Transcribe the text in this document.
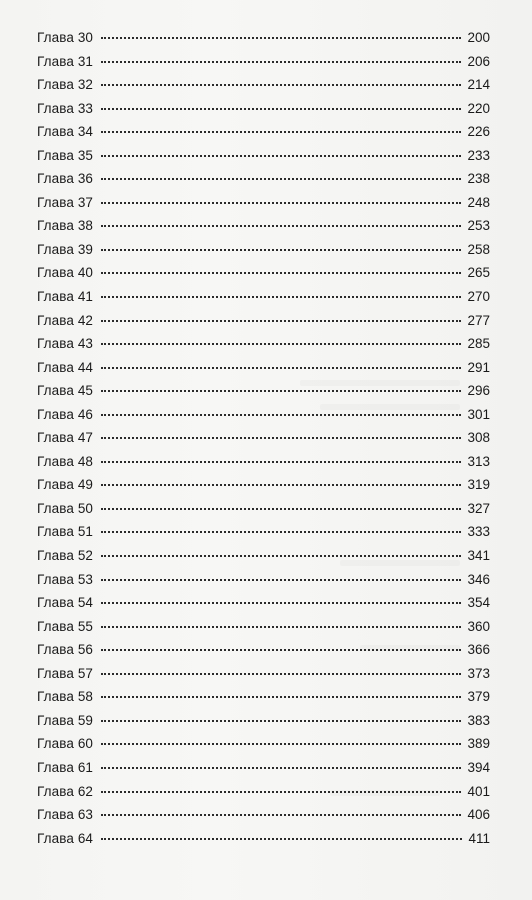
Глава 30	200
Глава 31	206
Глава 32	214
Глава 33	220
Глава 34	226
Глава 35	233
Глава 36	238
Глава 37	248
Глава 38	253
Глава 39	258
Глава 40	265
Глава 41	270
Глава 42	277
Глава 43	285
Глава 44	291
Глава 45	296
Глава 46	301
Глава 47	308
Глава 48	313
Глава 49	319
Глава 50	327
Глава 51	333
Глава 52	341
Глава 53	346
Глава 54	354
Глава 55	360
Глава 56	366
Глава 57	373
Глава 58	379
Глава 59	383
Глава 60	389
Глава 61	394
Глава 62	401
Глава 63	406
Глава 64	411
